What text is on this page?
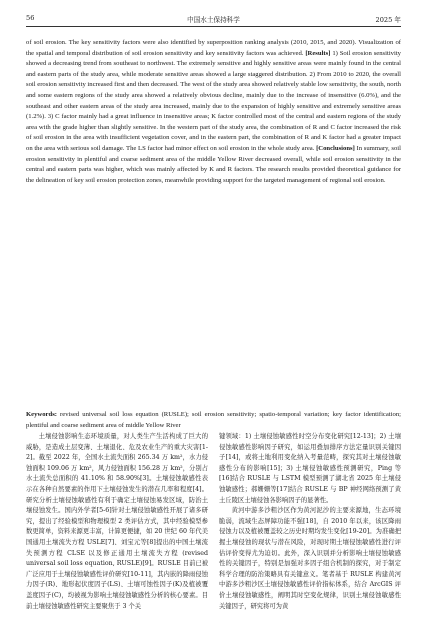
56	中国水土保持科学	2025 年
of soil erosion. The key sensitivity factors were also identified by superposition ranking analysis (2010, 2015, and 2020). Visualization of the spatial and temporal distribution of soil erosion sensitivity and key sensitivity factors was achieved. [Results] 1) Soil erosion sensitivity showed a decreasing trend from southeast to northwest. The extremely sensitive and highly sensitive areas were mainly found in the central and eastern parts of the study area, while moderate sensitive areas showed a large staggered distribution. 2) From 2010 to 2020, the overall soil erosion sensitivity increased first and then decreased. The west of the study area showed relatively stable low sensitivity, the south, north and some eastern regions of the study area showed a relatively obvious decline, mainly due to the increase of insensitive (6.0%), and the southeast and other eastern areas of the study area increased, mainly due to the expansion of highly sensitive and extremely sensitive areas (1.2%). 3) C factor mainly had a great influence in insensitive areas; K factor controlled most of the central and eastern regions of the study area with the grade higher than slightly sensitive. In the western part of the study area, the combination of R and C factor increased the risk of soil erosion in the area with insufficient vegetation cover, and in the eastern part, the combination of R and K factor had a greater impact on the area with serious soil damage. The LS factor had minor effect on soil erosion in the whole study area. [Conclusions] In summary, soil erosion sensitivity in plentiful and coarse sediment area of the middle Yellow River decreased overall, while soil erosion sensitivity in the central and eastern parts was higher, which was mainly affected by K and R factors. The research results provided theoretical guidance for the delineation of key soil erosion protection zones, meanwhile providing support for the targeted management of regional soil erosion.
Keywords: revised universal soil loss equation (RUSLE); soil erosion sensitivity; spatio-temporal variation; key factor identification; plentiful and coarse sediment area of middle Yellow River

土壤侵蚀影响生态环境质量，对人类生产生活构成了巨大的威胁，是造成土层变薄、土壤退化、危及农业生产的重大灾害[1-2]。截至 2022 年，全国水土流失面积 265.34 万 km²，水力侵蚀面积 109.06 万 km²，风力侵蚀面积 156.28 万 km²，分别占水土流失总面积的 41.10% 和 58.90%[3]。土壤侵蚀敏感性表示在各种自然要素的作用下土壤侵蚀发生的潜在几率和程度[4]。研究分析土壤侵蚀敏感性有利于确定土壤侵蚀易发区域，防治土壤侵蚀发生。国内外学者[5-6]针对土壤侵蚀敏感性开展了诸多研究，提出了经验模型和物理模型 2 类评估方式，其中经验模型参数更简单，资料来源更丰富，计算更便捷，如 20 世纪 60 年代美国通用土壤流失方程 USLE[7]、刘宝元等[8]提出的中国土壤流失预测方程 CLSE 以及修正通用土壤流失方程 (revised universal soil loss equation, RUSLE)[9]。RUSLE 目前已被广泛应用于土壤侵蚀敏感性评价研究[10-11]，其内嵌的降雨侵蚀力因子(R)、地形起伏度因子(LS)、土壤可蚀性因子(K)及植被覆盖度因子(C)，均被视为影响土壤侵蚀敏感性分析的核心要素。目前土壤侵蚀敏感性研究主要聚焦于 3 个关

键领域：1) 土壤侵蚀敏感性时空分布变化研究[12-13]；2) 土壤侵蚀敏感性影响因子研究，如运用叠加排序方法定量识别关键因子[14]，或将土地利用变化纳入考量范畴，探究其对土壤侵蚀敏感性分布的影响[15]；3) 土壤侵蚀敏感性预测研究，Ping 等[16]结合 RUSLE 与 LSTM 模型预测了湖北省 2025 年土壤侵蚀敏感性；郝姗姗等[17]结合 RUSLE 与 BP 神经网络预测了黄土丘陵区土壤侵蚀各影响因子的显著性。

黄河中游多沙粗沙区作为黄河泥沙的主要来源地，生态环境脆弱，流域生态屏障功能不强[18]，自 2010 年以来，该区降雨侵蚀力以及植被覆盖较之历史时期均发生变化[19-20]。为准确把握土壤侵蚀的现状与潜在风险，对现时期土壤侵蚀敏感性进行评估评价变得尤为迫切。此外，深入识别并分析影响土壤侵蚀敏感性的关键因子，特别是加强对多因子组合机制的探究，对于制定科学合理的防治策略具有关键意义。笔者基于 RUSLE 构建黄河中游多沙粗沙区土壤侵蚀敏感性评价指标体系，结合 ArcGIS 评价土壤侵蚀敏感性，阐明其时空变化规律，识别土壤侵蚀敏感性关键因子，研究将可为黄
